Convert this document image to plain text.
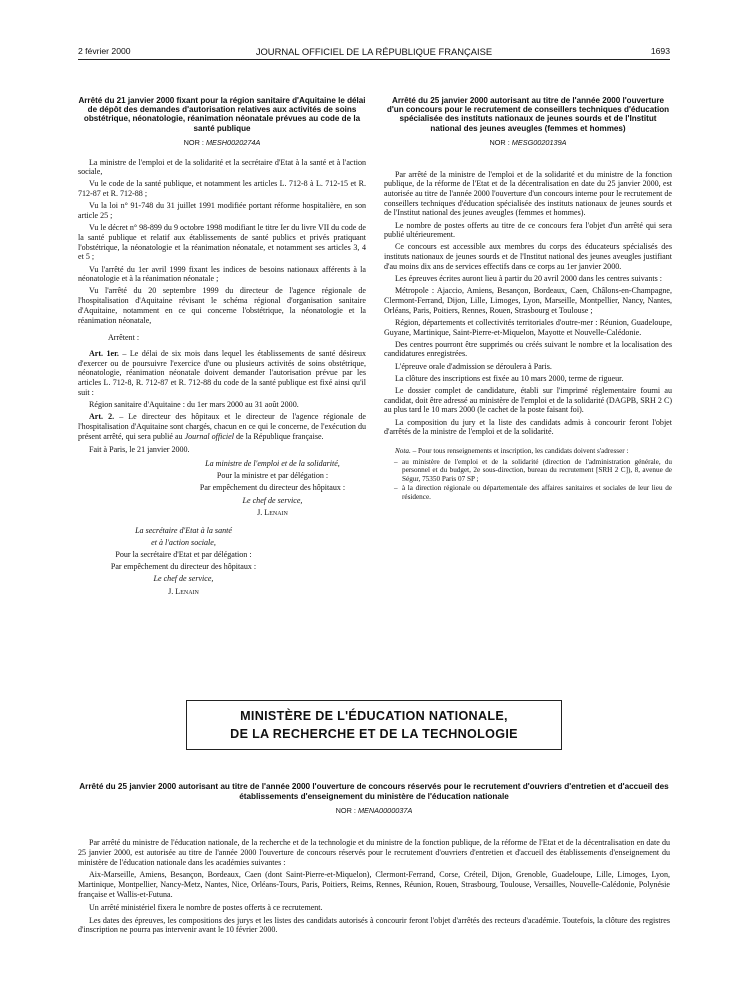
2 février 2000	JOURNAL OFFICIEL DE LA RÉPUBLIQUE FRANÇAISE	1693
Arrêté du 21 janvier 2000 fixant pour la région sanitaire d'Aquitaine le délai de dépôt des demandes d'autorisation relatives aux activités de soins obstétrique, néonatologie, réanimation néonatale prévues au code de la santé publique
NOR : MESH0020274A

La ministre de l'emploi et de la solidarité et la secrétaire d'Etat à la santé et à l'action sociale,

Vu le code de la santé publique, et notamment les articles L. 712-8 à L. 712-15 et R. 712-87 et R. 712-88 ;

Vu la loi n° 91-748 du 31 juillet 1991 modifiée portant réforme hospitalière, en son article 25 ;

Vu le décret n° 98-899 du 9 octobre 1998 modifiant le titre Ier du livre VII du code de la santé publique et relatif aux établissements de santé publics et privés pratiquant l'obstétrique, la néonatologie et la réanimation néonatale, et notamment ses articles 3, 4 et 5 ;

Vu l'arrêté du 1er avril 1999 fixant les indices de besoins nationaux afférents à la néonatologie et à la réanimation néonatale ;

Vu l'arrêté du 20 septembre 1999 du directeur de l'agence régionale de l'hospitalisation d'Aquitaine révisant le schéma régional d'organisation sanitaire d'Aquitaine, notamment en ce qui concerne l'obstétrique, la néonatologie et la réanimation néonatale,

Arrêtent :

Art. 1er. – Le délai de six mois dans lequel les établissements de santé désireux d'exercer ou de poursuivre l'exercice d'une ou plusieurs activités de soins obstétrique, néonatologie, réanimation néonatale doivent demander l'autorisation prévue par les articles L. 712-8, R. 712-87 et R. 712-88 du code de la santé publique est fixé ainsi qu'il suit :

Région sanitaire d'Aquitaine : du 1er mars 2000 au 31 août 2000.

Art. 2. – Le directeur des hôpitaux et le directeur de l'agence régionale de l'hospitalisation d'Aquitaine sont chargés, chacun en ce qui le concerne, de l'exécution du présent arrêté, qui sera publié au Journal officiel de la République française.

Fait à Paris, le 21 janvier 2000.

La ministre de l'emploi et de la solidarité,

Pour la ministre et par délégation :

Par empêchement du directeur des hôpitaux :

Le chef de service,

J. Lenain

La secrétaire d'Etat à la santé

et à l'action sociale,

Pour la secrétaire d'Etat et par délégation :

Par empêchement du directeur des hôpitaux :

Le chef de service,

J. Lenain

Arrêté du 25 janvier 2000 autorisant au titre de l'année 2000 l'ouverture d'un concours pour le recrutement de conseillers techniques d'éducation spécialisée des instituts nationaux de jeunes sourds et de l'Institut national des jeunes aveugles (femmes et hommes)
NOR : MESG0020139A

Par arrêté de la ministre de l'emploi et de la solidarité et du ministre de la fonction publique, de la réforme de l'Etat et de la décentralisation en date du 25 janvier 2000, est autorisée au titre de l'année 2000 l'ouverture d'un concours interne pour le recrutement de conseillers techniques d'éducation spécialisée des instituts nationaux de jeunes sourds et de l'Institut national des jeunes aveugles (femmes et hommes).

Le nombre de postes offerts au titre de ce concours fera l'objet d'un arrêté qui sera publié ultérieurement.

Ce concours est accessible aux membres du corps des éducateurs spécialisés des instituts nationaux de jeunes sourds et de l'Institut national des jeunes aveugles justifiant d'au moins dix ans de services effectifs dans ce corps au 1er janvier 2000.

Les épreuves écrites auront lieu à partir du 20 avril 2000 dans les centres suivants :

Métropole : Ajaccio, Amiens, Besançon, Bordeaux, Caen, Châlons-en-Champagne, Clermont-Ferrand, Dijon, Lille, Limoges, Lyon, Marseille, Montpellier, Nancy, Nantes, Orléans, Paris, Poitiers, Rennes, Rouen, Strasbourg et Toulouse ;

Région, départements et collectivités territoriales d'outre-mer : Réunion, Guadeloupe, Guyane, Martinique, Saint-Pierre-et-Miquelon, Mayotte et Nouvelle-Calédonie.

Des centres pourront être supprimés ou créés suivant le nombre et la localisation des candidatures enregistrées.

L'épreuve orale d'admission se déroulera à Paris.

La clôture des inscriptions est fixée au 10 mars 2000, terme de rigueur.

Le dossier complet de candidature, établi sur l'imprimé réglementaire fourni au candidat, doit être adressé au ministère de l'emploi et de la solidarité (DAGPB, SRH 2 C) au plus tard le 10 mars 2000 (le cachet de la poste faisant foi).

La composition du jury et la liste des candidats admis à concourir feront l'objet d'arrêtés de la ministre de l'emploi et de la solidarité.

Nota. – Pour tous renseignements et inscription, les candidats doivent s'adresser :

– au ministère de l'emploi et de la solidarité (direction de l'administration générale, du personnel et du budget, 2e sous-direction, bureau du recrutement [SRH 2 C]), 8, avenue de Ségur, 75350 Paris 07 SP ;
– à la direction régionale ou départementale des affaires sanitaires et sociales de leur lieu de résidence.
MINISTÈRE DE L'ÉDUCATION NATIONALE,
DE LA RECHERCHE ET DE LA TECHNOLOGIE
Arrêté du 25 janvier 2000 autorisant au titre de l'année 2000 l'ouverture de concours réservés pour le recrutement d'ouvriers d'entretien et d'accueil des établissements d'enseignement du ministère de l'éducation nationale
NOR : MENA0000037A

Par arrêté du ministre de l'éducation nationale, de la recherche et de la technologie et du ministre de la fonction publique, de la réforme de l'Etat et de la décentralisation en date du 25 janvier 2000, est autorisée au titre de l'année 2000 l'ouverture de concours réservés pour le recrutement d'ouvriers d'entretien et d'accueil des établissements d'enseignement du ministère de l'éducation nationale dans les académies suivantes :

Aix-Marseille, Amiens, Besançon, Bordeaux, Caen (dont Saint-Pierre-et-Miquelon), Clermont-Ferrand, Corse, Créteil, Dijon, Grenoble, Guadeloupe, Lille, Limoges, Lyon, Martinique, Montpellier, Nancy-Metz, Nantes, Nice, Orléans-Tours, Paris, Poitiers, Reims, Rennes, Réunion, Rouen, Strasbourg, Toulouse, Versailles, Nouvelle-Calédonie, Polynésie française et Wallis-et-Futuna.

Un arrêté ministériel fixera le nombre de postes offerts à ce recrutement.

Les dates des épreuves, les compositions des jurys et les listes des candidats autorisés à concourir feront l'objet d'arrêtés des recteurs d'académie. Toutefois, la clôture des registres d'inscription ne pourra pas intervenir avant le 10 février 2000.
